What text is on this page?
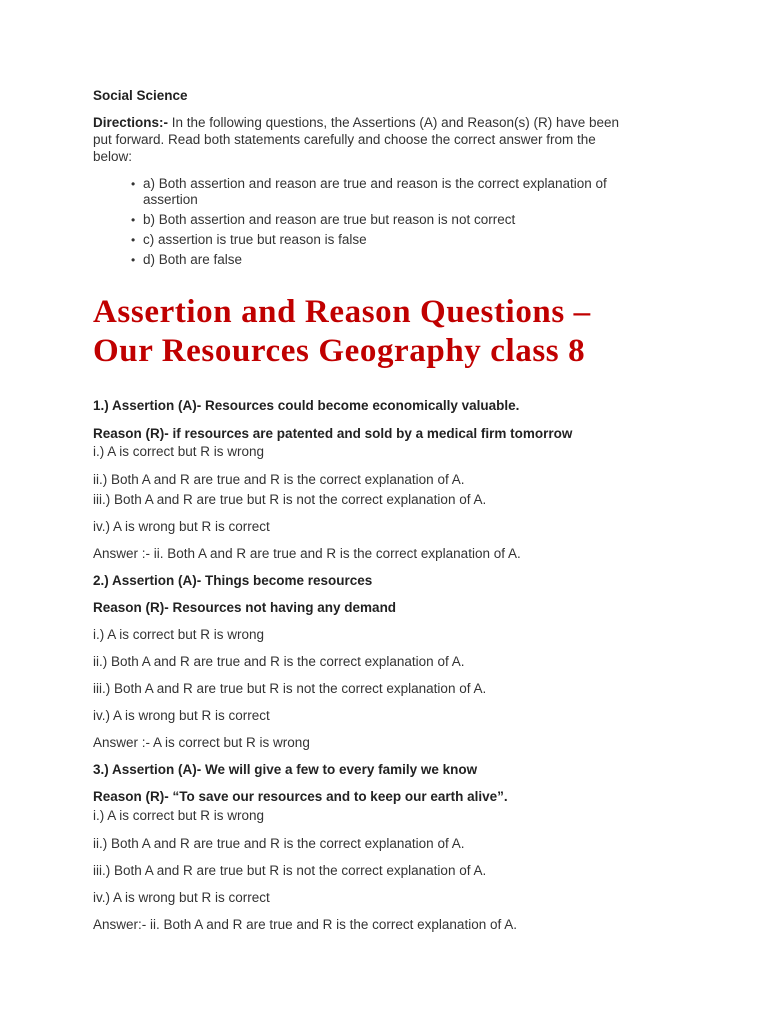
Social Science
Directions:- In the following questions, the Assertions (A) and Reason(s) (R) have been
put forward. Read both statements carefully and choose the correct answer from the
below:
• a) Both assertion and reason are true and reason is the correct explanation of
assertion
• b) Both assertion and reason are true but reason is not correct
• c) assertion is true but reason is false
• d) Both are false
Assertion and Reason Questions –
Our Resources Geography class 8
1.) Assertion (A)- Resources could become economically valuable.
Reason (R)- if resources are patented and sold by a medical firm tomorrow
i.) A is correct but R is wrong
ii.) Both A and R are true and R is the correct explanation of A.
iii.) Both A and R are true but R is not the correct explanation of A.
iv.) A is wrong but R is correct
Answer :- ii. Both A and R are true and R is the correct explanation of A.
2.) Assertion (A)- Things become resources
Reason (R)- Resources not having any demand
i.) A is correct but R is wrong
ii.) Both A and R are true and R is the correct explanation of A.
iii.) Both A and R are true but R is not the correct explanation of A.
iv.) A is wrong but R is correct
Answer :- A is correct but R is wrong
3.) Assertion (A)- We will give a few to every family we know
Reason (R)- “To save our resources and to keep our earth alive”.
i.) A is correct but R is wrong
ii.) Both A and R are true and R is the correct explanation of A.
iii.) Both A and R are true but R is not the correct explanation of A.
iv.) A is wrong but R is correct
Answer:- ii. Both A and R are true and R is the correct explanation of A.
